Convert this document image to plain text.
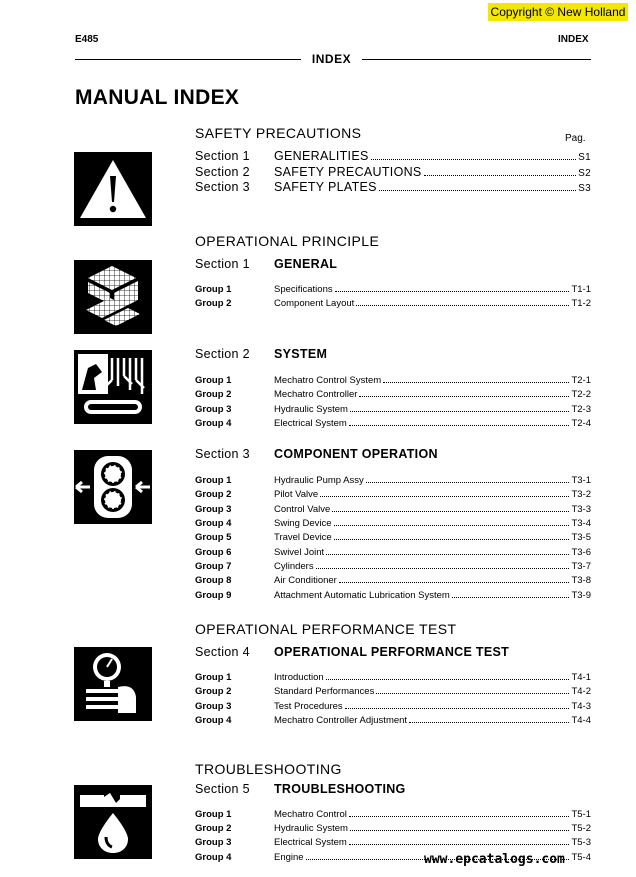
Copyright © New Holland
E485	INDEX
INDEX
MANUAL INDEX
Pag.
SAFETY PRECAUTIONS
Section 1	GENERALITIES	S1
Section 2	SAFETY PRECAUTIONS	S2
Section 3	SAFETY PLATES	S3
OPERATIONAL PRINCIPLE
Section 1	GENERAL
Group 1	Specifications	T1-1
Group 2	Component Layout	T1-2
Section 2	SYSTEM
Group 1	Mechatro Control System	T2-1
Group 2	Mechatro Controller	T2-2
Group 3	Hydraulic System	T2-3
Group 4	Electrical System	T2-4
Section 3	COMPONENT OPERATION
Group 1	Hydraulic Pump Assy	T3-1
Group 2	Pilot Valve	T3-2
Group 3	Control Valve	T3-3
Group 4	Swing Device	T3-4
Group 5	Travel Device	T3-5
Group 6	Swivel Joint	T3-6
Group 7	Cylinders	T3-7
Group 8	Air Conditioner	T3-8
Group 9	Attachment Automatic Lubrication System	T3-9
OPERATIONAL PERFORMANCE TEST
Section 4	OPERATIONAL PERFORMANCE TEST
Group 1	Introduction	T4-1
Group 2	Standard Performances	T4-2
Group 3	Test Procedures	T4-3
Group 4	Mechatro Controller Adjustment	T4-4
TROUBLESHOOTING
Section 5	TROUBLESHOOTING
Group 1	Mechatro Control	T5-1
Group 2	Hydraulic System	T5-2
Group 3	Electrical System	T5-3
Group 4	Engine	T5-4
www.epcatalogs.com
